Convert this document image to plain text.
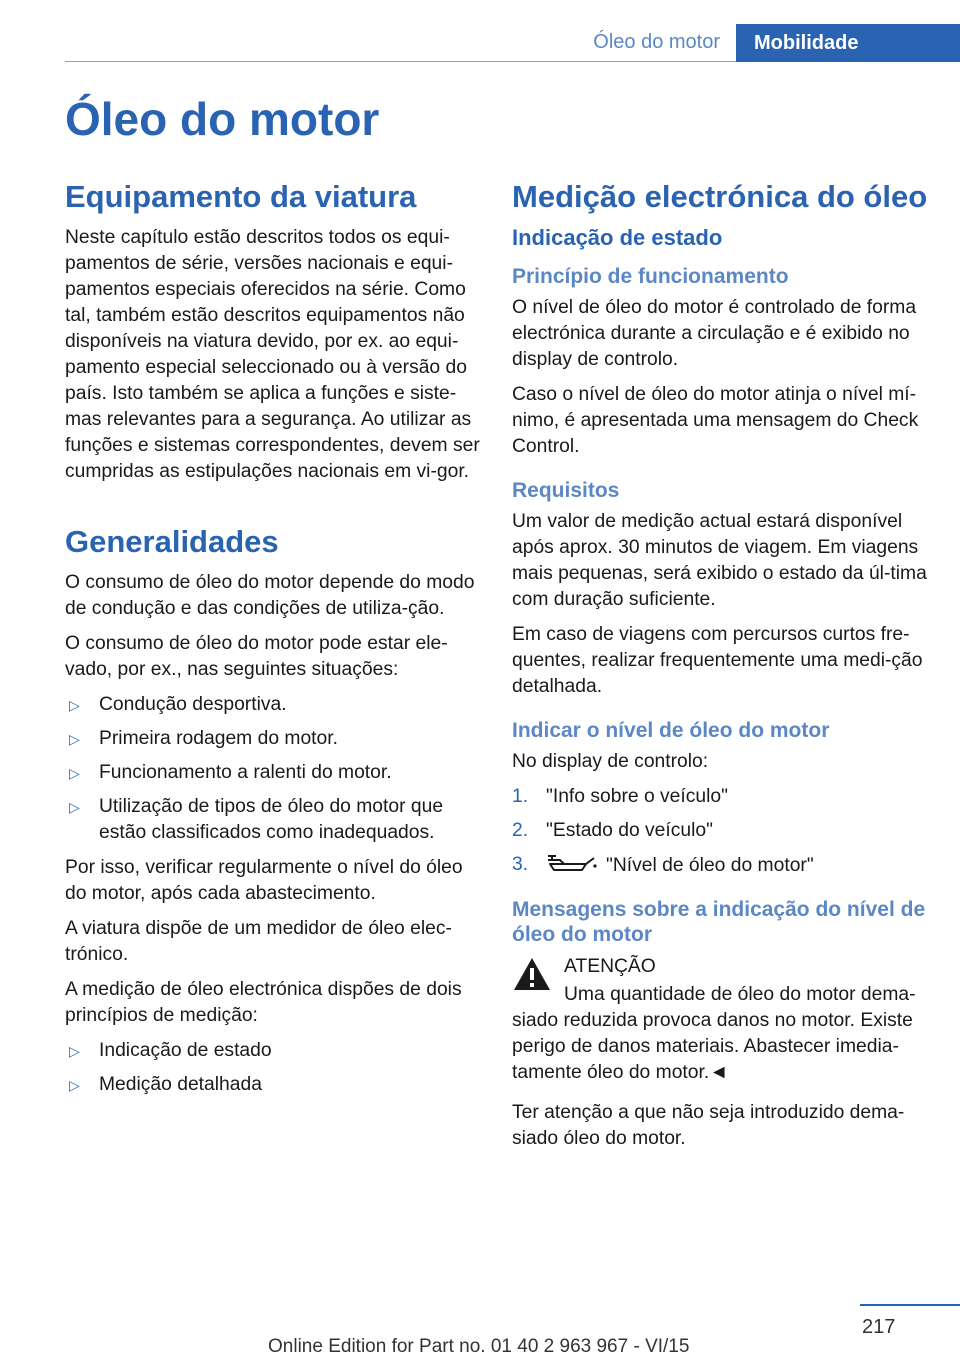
Óleo do motor	Mobilidade
Óleo do motor
Equipamento da viatura

Neste capítulo estão descritos todos os equi-pamentos de série, versões nacionais e equi-pamentos especiais oferecidos na série. Como tal, também estão descritos equipamentos não disponíveis na viatura devido, por ex. ao equi-pamento especial seleccionado ou à versão do país. Isto também se aplica a funções e siste-mas relevantes para a segurança. Ao utilizar as funções e sistemas correspondentes, devem ser cumpridas as estipulações nacionais em vi-gor.

Generalidades

O consumo de óleo do motor depende do modo de condução e das condições de utiliza-ção.

O consumo de óleo do motor pode estar ele-vado, por ex., nas seguintes situações:

▷ Condução desportiva.
▷ Primeira rodagem do motor.
▷ Funcionamento a ralenti do motor.
▷ Utilização de tipos de óleo do motor que estão classificados como inadequados.

Por isso, verificar regularmente o nível do óleo do motor, após cada abastecimento.

A viatura dispõe de um medidor de óleo elec-trónico.

A medição de óleo electrónica dispões de dois princípios de medição:

▷ Indicação de estado
▷ Medição detalhada
Medição electrónica do óleo
Indicação de estado
Princípio de funcionamento

O nível de óleo do motor é controlado de forma electrónica durante a circulação e é exibido no display de controlo.

Caso o nível de óleo do motor atinja o nível mí-nimo, é apresentada uma mensagem do Check Control.

Requisitos

Um valor de medição actual estará disponível após aprox. 30 minutos de viagem. Em viagens mais pequenas, será exibido o estado da úl-tima com duração suficiente.

Em caso de viagens com percursos curtos fre-quentes, realizar frequentemente uma medi-ção detalhada.

Indicar o nível de óleo do motor

No display de controlo:

1. "Info sobre o veículo"
2. "Estado do veículo"
3.	"Nível de óleo do motor"
Mensagens sobre a indicação do nível de óleo do motor

ATENÇÃO

Uma quantidade de óleo do motor dema-siado reduzida provoca danos no motor. Existe perigo de danos materiais. Abastecer imedia-tamente óleo do motor.◄

Ter atenção a que não seja introduzido dema-siado óleo do motor.

217
Online Edition for Part no. 01 40 2 963 967 - VI/15
